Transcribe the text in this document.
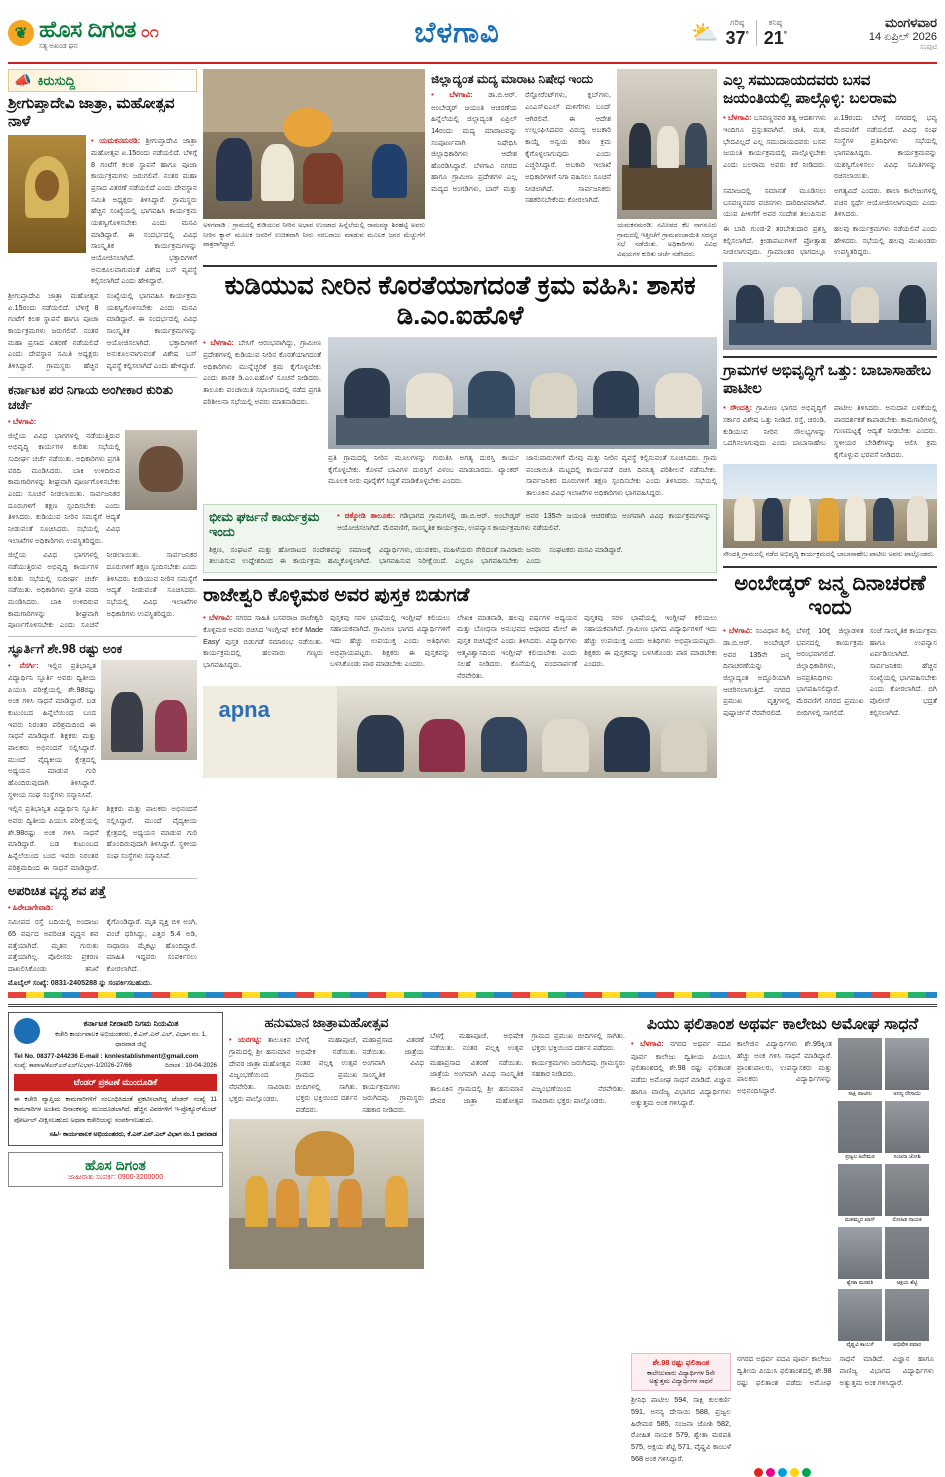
❦ ಹೊಸ ದಿಗಂತ
ಸತ್ಯ ಅಖಂಡ ಘನ
೦೧	ಬೆಳಗಾವಿ	⛅	ಗರಿಷ್ಠ
37°
ಕನಿಷ್ಠ
21°
ಮಂಗಳವಾರ
14 ಏಪ್ರಿಲ್ 2026
ಸಂಪುಟಿ
📣 ಕಿರುಸುದ್ದಿ
ಶ್ರೀಗುಪ್ತಾದೇವಿ ಜಾತ್ರಾ, ಮಹೋತ್ಸವ ನಾಳೆ
• ಯಮಕನಮರಡಿ: ಶ್ರೀಗುಪ್ತಾದೇವಿ ಜಾತ್ರಾ ಮಹೋತ್ಸವ ಏ.15ರಂದು ನಡೆಯಲಿದೆ. ಬೆಳಿಗ್ಗೆ 8 ಗಂಟೆಗೆ ಕಲಶ ಸ್ಥಾಪನೆ ಹಾಗೂ ಪೂಜಾ ಕಾರ್ಯಕ್ರಮಗಳು ಜರುಗಲಿವೆ. ನಂತರ ಮಹಾ ಪ್ರಸಾದ ವಿತರಣೆ ನಡೆಯಲಿದೆ ಎಂದು ದೇವಸ್ಥಾನ ಸಮಿತಿ ಅಧ್ಯಕ್ಷರು ತಿಳಿಸಿದ್ದಾರೆ. ಗ್ರಾಮಸ್ಥರು ಹೆಚ್ಚಿನ ಸಂಖ್ಯೆಯಲ್ಲಿ ಭಾಗವಹಿಸಿ ಕಾರ್ಯಕ್ರಮ ಯಶಸ್ವಿಗೊಳಿಸಬೇಕು ಎಂದು ಮನವಿ ಮಾಡಿದ್ದಾರೆ. ಈ ಸಂದರ್ಭದಲ್ಲಿ ವಿವಿಧ ಸಾಂಸ್ಕೃತಿಕ ಕಾರ್ಯಕ್ರಮಗಳನ್ನು ಆಯೋಜಿಸಲಾಗಿದೆ. ಭಕ್ತಾದಿಗಳಿಗೆ ಅನುಕೂಲವಾಗುವಂತೆ ವಿಶೇಷ ಬಸ್ ವ್ಯವಸ್ಥೆ ಕಲ್ಪಿಸಲಾಗಿದೆ ಎಂದು ಹೇಳಿದ್ದಾರೆ.
ಶ್ರೀಗುಪ್ತಾದೇವಿ ಜಾತ್ರಾ ಮಹೋತ್ಸವ ಏ.15ರಂದು ನಡೆಯಲಿದೆ. ಬೆಳಿಗ್ಗೆ 8 ಗಂಟೆಗೆ ಕಲಶ ಸ್ಥಾಪನೆ ಹಾಗೂ ಪೂಜಾ ಕಾರ್ಯಕ್ರಮಗಳು ಜರುಗಲಿವೆ. ನಂತರ ಮಹಾ ಪ್ರಸಾದ ವಿತರಣೆ ನಡೆಯಲಿದೆ ಎಂದು ದೇವಸ್ಥಾನ ಸಮಿತಿ ಅಧ್ಯಕ್ಷರು ತಿಳಿಸಿದ್ದಾರೆ. ಗ್ರಾಮಸ್ಥರು ಹೆಚ್ಚಿನ ಸಂಖ್ಯೆಯಲ್ಲಿ ಭಾಗವಹಿಸಿ ಕಾರ್ಯಕ್ರಮ ಯಶಸ್ವಿಗೊಳಿಸಬೇಕು ಎಂದು ಮನವಿ ಮಾಡಿದ್ದಾರೆ. ಈ ಸಂದರ್ಭದಲ್ಲಿ ವಿವಿಧ ಸಾಂಸ್ಕೃತಿಕ ಕಾರ್ಯಕ್ರಮಗಳನ್ನು ಆಯೋಜಿಸಲಾಗಿದೆ. ಭಕ್ತಾದಿಗಳಿಗೆ ಅನುಕೂಲವಾಗುವಂತೆ ವಿಶೇಷ ಬಸ್ ವ್ಯವಸ್ಥೆ ಕಲ್ಪಿಸಲಾಗಿದೆ ಎಂದು ಹೇಳಿದ್ದಾರೆ.
ಕರ್ನಾಟಕ ಪರ ನಿಗಾಯ ಅಂಗೀಕಾರ ಕುರಿತು ಚರ್ಚೆ
• ಬೆಳಗಾವಿ:
ಜಿಲ್ಲೆಯ ವಿವಿಧ ಭಾಗಗಳಲ್ಲಿ ನಡೆಯುತ್ತಿರುವ ಅಭಿವೃದ್ಧಿ ಕಾರ್ಯಗಳ ಕುರಿತು ಸಭೆಯಲ್ಲಿ ಸುದೀರ್ಘ ಚರ್ಚೆ ನಡೆಯಿತು. ಅಧಿಕಾರಿಗಳು ಪ್ರಗತಿ ವರದಿ ಮಂಡಿಸಿದರು. ಬಾಕಿ ಉಳಿದಿರುವ ಕಾಮಗಾರಿಗಳನ್ನು ಶೀಘ್ರವಾಗಿ ಪೂರ್ಣಗೊಳಿಸಬೇಕು ಎಂದು ಸೂಚನೆ ನೀಡಲಾಯಿತು. ಸಾರ್ವಜನಿಕರ ದೂರುಗಳಿಗೆ ತಕ್ಷಣ ಸ್ಪಂದಿಸಬೇಕು ಎಂದು ತಿಳಿಸಿದರು. ಕುಡಿಯುವ ನೀರಿನ ಸಮಸ್ಯೆಗೆ ಆದ್ಯತೆ ನೀಡುವಂತೆ ಸೂಚಿಸಿದರು. ಸಭೆಯಲ್ಲಿ ವಿವಿಧ ಇಲಾಖೆಗಳ ಅಧಿಕಾರಿಗಳು ಉಪಸ್ಥಿತರಿದ್ದರು.
ಜಿಲ್ಲೆಯ ವಿವಿಧ ಭಾಗಗಳಲ್ಲಿ ನಡೆಯುತ್ತಿರುವ ಅಭಿವೃದ್ಧಿ ಕಾರ್ಯಗಳ ಕುರಿತು ಸಭೆಯಲ್ಲಿ ಸುದೀರ್ಘ ಚರ್ಚೆ ನಡೆಯಿತು. ಅಧಿಕಾರಿಗಳು ಪ್ರಗತಿ ವರದಿ ಮಂಡಿಸಿದರು. ಬಾಕಿ ಉಳಿದಿರುವ ಕಾಮಗಾರಿಗಳನ್ನು ಶೀಘ್ರವಾಗಿ ಪೂರ್ಣಗೊಳಿಸಬೇಕು ಎಂದು ಸೂಚನೆ ನೀಡಲಾಯಿತು. ಸಾರ್ವಜನಿಕರ ದೂರುಗಳಿಗೆ ತಕ್ಷಣ ಸ್ಪಂದಿಸಬೇಕು ಎಂದು ತಿಳಿಸಿದರು. ಕುಡಿಯುವ ನೀರಿನ ಸಮಸ್ಯೆಗೆ ಆದ್ಯತೆ ನೀಡುವಂತೆ ಸೂಚಿಸಿದರು. ಸಭೆಯಲ್ಲಿ ವಿವಿಧ ಇಲಾಖೆಗಳ ಅಧಿಕಾರಿಗಳು ಉಪಸ್ಥಿತರಿದ್ದರು.
ಸ್ಫೂರ್ತಿಗೆ ಶೇ.98 ರಷ್ಟು ಅಂಕ
• ನೆಸರ್ಗಿ: ಇಲ್ಲಿನ ಪ್ರತಿಭಾನ್ವಿತ ವಿದ್ಯಾರ್ಥಿನಿ ಸ್ಫೂರ್ತಿ ಅವರು ದ್ವಿತೀಯ ಪಿಯುಸಿ ಪರೀಕ್ಷೆಯಲ್ಲಿ ಶೇ.98ರಷ್ಟು ಅಂಕ ಗಳಿಸಿ ಸಾಧನೆ ಮಾಡಿದ್ದಾರೆ. ಬಡ ಕುಟುಂಬದ ಹಿನ್ನೆಲೆಯಿಂದ ಬಂದ ಇವರು ನಿರಂತರ ಪರಿಶ್ರಮದಿಂದ ಈ ಸಾಧನೆ ಮಾಡಿದ್ದಾರೆ. ಶಿಕ್ಷಕರು ಮತ್ತು ಪಾಲಕರು ಅಭಿನಂದನೆ ಸಲ್ಲಿಸಿದ್ದಾರೆ. ಮುಂದೆ ವೈದ್ಯಕೀಯ ಕ್ಷೇತ್ರದಲ್ಲಿ ಅಧ್ಯಯನ ಮಾಡುವ ಗುರಿ ಹೊಂದಿರುವುದಾಗಿ ತಿಳಿಸಿದ್ದಾರೆ. ಸ್ಥಳೀಯ ಸಂಘ ಸಂಸ್ಥೆಗಳು ಸನ್ಮಾನಿಸಿವೆ.
ಇಲ್ಲಿನ ಪ್ರತಿಭಾನ್ವಿತ ವಿದ್ಯಾರ್ಥಿನಿ ಸ್ಫೂರ್ತಿ ಅವರು ದ್ವಿತೀಯ ಪಿಯುಸಿ ಪರೀಕ್ಷೆಯಲ್ಲಿ ಶೇ.98ರಷ್ಟು ಅಂಕ ಗಳಿಸಿ ಸಾಧನೆ ಮಾಡಿದ್ದಾರೆ. ಬಡ ಕುಟುಂಬದ ಹಿನ್ನೆಲೆಯಿಂದ ಬಂದ ಇವರು ನಿರಂತರ ಪರಿಶ್ರಮದಿಂದ ಈ ಸಾಧನೆ ಮಾಡಿದ್ದಾರೆ. ಶಿಕ್ಷಕರು ಮತ್ತು ಪಾಲಕರು ಅಭಿನಂದನೆ ಸಲ್ಲಿಸಿದ್ದಾರೆ. ಮುಂದೆ ವೈದ್ಯಕೀಯ ಕ್ಷೇತ್ರದಲ್ಲಿ ಅಧ್ಯಯನ ಮಾಡುವ ಗುರಿ ಹೊಂದಿರುವುದಾಗಿ ತಿಳಿಸಿದ್ದಾರೆ. ಸ್ಥಳೀಯ ಸಂಘ ಸಂಸ್ಥೆಗಳು ಸನ್ಮಾನಿಸಿವೆ.
ಅಪರಿಚಿತ ವೃದ್ಧ ಶವ ಪತ್ತೆ
• ಹಿರೇಬಾಗೇವಾಡಿ:
ಸಮೀಪದ ರಸ್ತೆ ಬದಿಯಲ್ಲಿ ಅಂದಾಜು 65 ವರ್ಷದ ಅಪರಿಚಿತ ವೃದ್ಧನ ಶವ ಪತ್ತೆಯಾಗಿದೆ. ಮೃತನ ಗುರುತು ಪತ್ತೆಯಾಗಿಲ್ಲ. ಪೊಲೀಸರು ಪ್ರಕರಣ ದಾಖಲಿಸಿಕೊಂಡು ತನಿಖೆ ಕೈಗೊಂಡಿದ್ದಾರೆ. ಮೃತ ವ್ಯಕ್ತಿ ಬಿಳಿ ಅಂಗಿ, ಪಂಚೆ ಧರಿಸಿದ್ದು, ಎತ್ತರ 5.4 ಅಡಿ, ಸಾಧಾರಣ ಮೈಕಟ್ಟು ಹೊಂದಿದ್ದಾರೆ. ಮಾಹಿತಿ ಇದ್ದವರು ಸಂಪರ್ಕಿಸಲು ಕೋರಲಾಗಿದೆ.
ಮೊಬೈಲ್ ಸಂಖ್ಯೆ: 0831-2405288 ನ್ನು ಸಂಪರ್ಕಿಸಬಹುದು.
ಅಳಗವಾಡಿ : ಗ್ರಾಮದಲ್ಲಿ ಕುಡಿಯುವ ನೀರಿನ ಅಭಾವ ಉಂಟಾದ ಹಿನ್ನೆಲೆಯಲ್ಲಿ ರಾಮಮ್ಮಾ ಶಿರಹಟ್ಟಿ ಅವರು ನೀರಿನ ಕ್ಯಾನ್ ಮೂಲಕ ಜನರಿಗೆ ಉಚಿತವಾಗಿ ನೀರು ಸರಬರಾಜು ಮಾಡುವ ಮೂಲಕ ಜನರ ಮೆಚ್ಚುಗೆಗೆ ಪಾತ್ರರಾಗಿದ್ದಾರೆ.
ಜಿಲ್ಲಾದ್ಯಂತ ಮದ್ಯ ಮಾರಾಟ ನಿಷೇಧ ಇಂದು
• ಬೆಳಗಾವಿ: ಡಾ.ಬಿ.ಆರ್. ಅಂಬೇಡ್ಕರ್ ಜಯಂತಿ ಆಚರಣೆಯ ಹಿನ್ನೆಲೆಯಲ್ಲಿ ಜಿಲ್ಲಾದ್ಯಂತ ಏಪ್ರಿಲ್ 14ರಂದು ಮದ್ಯ ಮಾರಾಟವನ್ನು ಸಂಪೂರ್ಣವಾಗಿ ನಿಷೇಧಿಸಿ ಜಿಲ್ಲಾಧಿಕಾರಿಗಳು ಆದೇಶ ಹೊರಡಿಸಿದ್ದಾರೆ. ಬೆಳಗಾವಿ ನಗರದ ಹಾಗೂ ಗ್ರಾಮೀಣ ಪ್ರದೇಶಗಳ ಎಲ್ಲ ಮದ್ಯದ ಅಂಗಡಿಗಳು, ಬಾರ್ ಮತ್ತು ರೆಸ್ಟೋರೆಂಟ್‌ಗಳು, ಕ್ಲಬ್‌ಗಳು, ಎಂಎಸ್‌ಐಎಲ್ ಮಳಿಗೆಗಳು ಬಂದ್ ಆಗಿರಲಿವೆ. ಈ ಆದೇಶ ಉಲ್ಲಂಘಿಸಿದವರ ವಿರುದ್ಧ ಅಬಕಾರಿ ಕಾಯ್ದೆ ಅನ್ವಯ ಕಠಿಣ ಕ್ರಮ ಕೈಗೊಳ್ಳಲಾಗುವುದು ಎಂದು ಎಚ್ಚರಿಸಿದ್ದಾರೆ. ಅಬಕಾರಿ ಇಲಾಖೆ ಅಧಿಕಾರಿಗಳಿಗೆ ನಿಗಾ ವಹಿಸಲು ಸೂಚನೆ ನೀಡಲಾಗಿದೆ. ಸಾರ್ವಜನಿಕರು ಸಹಕರಿಸಬೇಕೆಂದು ಕೋರಲಾಗಿದೆ.
ಯಮಕನಮರಡಿ: ಸಮೀಪದ ಕೆಲ ನಾಗನೂರು ಗ್ರಾಮದಲ್ಲಿ ಇತ್ತೀಚೆಗೆ ಗ್ರಾಮಪಂಚಾಯಿತಿ ಸದಸ್ಯರ ಸಭೆ ನಡೆಯಿತು. ಅಧಿಕಾರಿಗಳು ವಿವಿಧ ವಿಷಯಗಳ ಕುರಿತು ಚರ್ಚೆ ನಡೆಸಿದರು.
ಕುಡಿಯುವ ನೀರಿನ ಕೊರತೆಯಾಗದಂತೆ ಕ್ರಮ ವಹಿಸಿ: ಶಾಸಕ ಡಿ.ಎಂ.ಐಹೊಳೆ
• ಬೆಳಗಾವಿ: ಬೇಸಿಗೆ ಆರಂಭವಾಗಿದ್ದು, ಗ್ರಾಮೀಣ ಪ್ರದೇಶಗಳಲ್ಲಿ ಕುಡಿಯುವ ನೀರಿನ ಕೊರತೆಯಾಗದಂತೆ ಅಧಿಕಾರಿಗಳು ಮುನ್ನೆಚ್ಚರಿಕೆ ಕ್ರಮ ಕೈಗೊಳ್ಳಬೇಕು ಎಂದು ಶಾಸಕ ಡಿ.ಎಂ.ಐಹೊಳೆ ಸೂಚನೆ ನೀಡಿದರು. ತಾಲೂಕು ಪಂಚಾಯಿತಿ ಸಭಾಂಗಣದಲ್ಲಿ ನಡೆದ ಪ್ರಗತಿ ಪರಿಶೀಲನಾ ಸಭೆಯಲ್ಲಿ ಅವರು ಮಾತನಾಡಿದರು.
ಪ್ರತಿ ಗ್ರಾಮದಲ್ಲಿ ನೀರಿನ ಮೂಲಗಳನ್ನು ಗುರುತಿಸಿ ಅಗತ್ಯ ದುರಸ್ತಿ ಕಾರ್ಯ ಕೈಗೊಳ್ಳಬೇಕು. ಕೊಳವೆ ಬಾವಿಗಳ ದುರಸ್ತಿಗೆ ವಿಳಂಬ ಮಾಡಬಾರದು. ಟ್ಯಾಂಕರ್ ಮೂಲಕ ನೀರು ಪೂರೈಕೆಗೆ ಸಿದ್ಧತೆ ಮಾಡಿಕೊಳ್ಳಬೇಕು ಎಂದರು.
ಜಾನುವಾರುಗಳಿಗೆ ಮೇವು ಮತ್ತು ನೀರಿನ ವ್ಯವಸ್ಥೆ ಕಲ್ಪಿಸುವಂತೆ ಸೂಚಿಸಿದರು. ಗ್ರಾಮ ಪಂಚಾಯಿತಿ ಮಟ್ಟದಲ್ಲಿ ಕಾರ್ಯಪಡೆ ರಚಿಸಿ ದಿನನಿತ್ಯ ಪರಿಶೀಲನೆ ನಡೆಸಬೇಕು. ಸಾರ್ವಜನಿಕರ ದೂರುಗಳಿಗೆ ತಕ್ಷಣ ಸ್ಪಂದಿಸಬೇಕು ಎಂದು ತಿಳಿಸಿದರು. ಸಭೆಯಲ್ಲಿ ತಾಲೂಕಿನ ವಿವಿಧ ಇಲಾಖೆಗಳ ಅಧಿಕಾರಿಗಳು ಭಾಗವಹಿಸಿದ್ದರು.
ಭೀಮ ಘರ್ಜನೆ ಕಾರ್ಯಕ್ರಮ ಇಂದು
• ಚಿಕ್ಕೋಡಿ ತಾಲೂಕು: ಗಡಿಭಾಗದ ಗ್ರಾಮಗಳಲ್ಲಿ ಡಾ.ಬಿ.ಆರ್. ಅಂಬೇಡ್ಕರ್ ಅವರ 135ನೇ ಜಯಂತಿ ಆಚರಣೆಯ ಅಂಗವಾಗಿ ವಿವಿಧ ಕಾರ್ಯಕ್ರಮಗಳನ್ನು ಆಯೋಜಿಸಲಾಗಿದೆ. ಮೆರವಣಿಗೆ, ಸಾಂಸ್ಕೃತಿಕ ಕಾರ್ಯಕ್ರಮ, ಉಪನ್ಯಾಸ ಕಾರ್ಯಕ್ರಮಗಳು ನಡೆಯಲಿವೆ.
ಶಿಕ್ಷಣ, ಸಂಘಟನೆ ಮತ್ತು ಹೋರಾಟದ ಸಂದೇಶವನ್ನು ಸಮಾಜಕ್ಕೆ ತಲುಪಿಸುವ ಉದ್ದೇಶದಿಂದ ಈ ಕಾರ್ಯಕ್ರಮ ಹಮ್ಮಿಕೊಳ್ಳಲಾಗಿದೆ. ವಿದ್ಯಾರ್ಥಿಗಳು, ಯುವಕರು, ಮಹಿಳೆಯರು ಸೇರಿದಂತೆ ಸಾವಿರಾರು ಜನರು ಭಾಗವಹಿಸುವ ನಿರೀಕ್ಷೆಯಿದೆ. ಎಲ್ಲರೂ ಭಾಗವಹಿಸಬೇಕು ಎಂದು ಸಂಘಟಕರು ಮನವಿ ಮಾಡಿದ್ದಾರೆ.
ರಾಜೇಶ್ವರಿ ಕೊಳ್ಳಿಮಠ ಅವರ ಪುಸ್ತಕ ಬಿಡುಗಡೆ
• ಬೆಳಗಾವಿ: ನಗರದ ಸಾಹಿತಿ ಬಸವರಾಜ ರಾಜೇಶ್ವರಿ ಕೊಳ್ಳಿಮಠ ಅವರು ರಚಿಸಿದ 'ಇಂಗ್ಲೀಷ್ ಕಲಿಕೆ Made Easy' ಪುಸ್ತಕ ಬಿಡುಗಡೆ ಸಮಾರಂಭ ನಡೆಯಿತು. ಕಾರ್ಯಕ್ರಮದಲ್ಲಿ ಹಲವಾರು ಗಣ್ಯರು ಭಾಗವಹಿಸಿದ್ದರು.
ಪುಸ್ತಕವು ಸರಳ ಭಾಷೆಯಲ್ಲಿ ಇಂಗ್ಲೀಷ್ ಕಲಿಯಲು ಸಹಾಯಕವಾಗಿದೆ. ಗ್ರಾಮೀಣ ಭಾಗದ ವಿದ್ಯಾರ್ಥಿಗಳಿಗೆ ಇದು ಹೆಚ್ಚು ಉಪಯುಕ್ತ ಎಂದು ಅತಿಥಿಗಳು ಅಭಿಪ್ರಾಯಪಟ್ಟರು. ಶಿಕ್ಷಕರು ಈ ಪುಸ್ತಕವನ್ನು ಬಳಸಿಕೊಂಡು ಪಾಠ ಮಾಡಬೇಕು ಎಂದರು.
ಲೇಖಕಿ ಮಾತನಾಡಿ, ಹಲವು ವರ್ಷಗಳ ಅಧ್ಯಯನ ಮತ್ತು ಬೋಧನಾ ಅನುಭವದ ಆಧಾರದ ಮೇಲೆ ಈ ಪುಸ್ತಕ ರಚಿಸಿದ್ದೇನೆ ಎಂದು ತಿಳಿಸಿದರು. ವಿದ್ಯಾರ್ಥಿಗಳು ಆತ್ಮವಿಶ್ವಾಸದಿಂದ ಇಂಗ್ಲೀಷ್ ಕಲಿಯಬೇಕು ಎಂದು ಸಲಹೆ ನೀಡಿದರು. ಕೊನೆಯಲ್ಲಿ ವಂದನಾರ್ಪಣೆ ನೆರವೇರಿತು.
ಪುಸ್ತಕವು ಸರಳ ಭಾಷೆಯಲ್ಲಿ ಇಂಗ್ಲೀಷ್ ಕಲಿಯಲು ಸಹಾಯಕವಾಗಿದೆ. ಗ್ರಾಮೀಣ ಭಾಗದ ವಿದ್ಯಾರ್ಥಿಗಳಿಗೆ ಇದು ಹೆಚ್ಚು ಉಪಯುಕ್ತ ಎಂದು ಅತಿಥಿಗಳು ಅಭಿಪ್ರಾಯಪಟ್ಟರು. ಶಿಕ್ಷಕರು ಈ ಪುಸ್ತಕವನ್ನು ಬಳಸಿಕೊಂಡು ಪಾಠ ಮಾಡಬೇಕು ಎಂದರು.
apna
ಎಲ್ಲ ಸಮುದಾಯದವರು ಬಸವ ಜಯಂತಿಯಲ್ಲಿ ಪಾಲ್ಗೊಳ್ಳಿ: ಬಲರಾಮ
• ಬೆಳಗಾವಿ: ಬಸವಣ್ಣನವರ ತತ್ವ ಆದರ್ಶಗಳು ಇಂದಿಗೂ ಪ್ರಸ್ತುತವಾಗಿವೆ. ಜಾತಿ, ಮತ, ಭೇದವಿಲ್ಲದೆ ಎಲ್ಲ ಸಮುದಾಯದವರು ಬಸವ ಜಯಂತಿ ಕಾರ್ಯಕ್ರಮದಲ್ಲಿ ಪಾಲ್ಗೊಳ್ಳಬೇಕು ಎಂದು ಬಲರಾಮ ಅವರು ಕರೆ ನೀಡಿದರು. ಏ.19ರಂದು ಬೆಳಗ್ಗೆ ನಗರದಲ್ಲಿ ಭವ್ಯ ಮೆರವಣಿಗೆ ನಡೆಯಲಿದೆ. ವಿವಿಧ ಸಂಘ ಸಂಸ್ಥೆಗಳ ಪ್ರತಿನಿಧಿಗಳು ಸಭೆಯಲ್ಲಿ ಭಾಗವಹಿಸಿದ್ದರು. ಕಾರ್ಯಕ್ರಮವನ್ನು ಯಶಸ್ವಿಗೊಳಿಸಲು ವಿವಿಧ ಸಮಿತಿಗಳನ್ನು ರಚಿಸಲಾಯಿತು.
ಸಮಾಜದಲ್ಲಿ ಸಮಾನತೆ ಮೂಡಿಸಲು ಬಸವಣ್ಣನವರ ವಚನಗಳು ದಾರಿದೀಪವಾಗಿವೆ. ಯುವ ಪೀಳಿಗೆಗೆ ಅವರ ಸಂದೇಶ ತಲುಪಿಸುವ ಅಗತ್ಯವಿದೆ ಎಂದರು. ಶಾಲಾ ಕಾಲೇಜುಗಳಲ್ಲಿ ವಚನ ಸ್ಪರ್ಧೆ ಆಯೋಜಿಸಲಾಗುವುದು ಎಂದು ತಿಳಿಸಿದರು.
ಈ ಬಾರಿ ಗುಂಡ-2 ತರಬೇತುದಾರ ಪ್ರಶಸ್ತಿ ಕಲ್ಪಿಸಲಾಗಿದೆ. ಕ್ರೀಡಾಪಟುಗಳಿಗೆ ಪ್ರೋತ್ಸಾಹ ನೀಡಲಾಗುವುದು. ಗ್ರಾಮಾಂತರ ಭಾಗದಲ್ಲೂ ಹಲವು ಕಾರ್ಯಕ್ರಮಗಳು ನಡೆಯಲಿವೆ ಎಂದು ಹೇಳಿದರು. ಸಭೆಯಲ್ಲಿ ಹಲವು ಮುಖಂಡರು ಉಪಸ್ಥಿತರಿದ್ದರು.
ಗ್ರಾಮಗಳ ಅಭಿವೃದ್ಧಿಗೆ ಒತ್ತು: ಬಾಬಾಸಾಹೇಬ ಪಾಟೀಲ
• ಸೌಂದತ್ತಿ: ಗ್ರಾಮೀಣ ಭಾಗದ ಅಭಿವೃದ್ಧಿಗೆ ಸರ್ಕಾರ ವಿಶೇಷ ಒತ್ತು ನೀಡಿದೆ. ರಸ್ತೆ, ಚರಂಡಿ, ಕುಡಿಯುವ ನೀರಿನ ಸೌಲಭ್ಯಗಳನ್ನು ಒದಗಿಸಲಾಗುವುದು ಎಂದು ಬಾಬಾಸಾಹೇಬ ಪಾಟೀಲ ತಿಳಿಸಿದರು. ಅನುದಾನ ಬಳಕೆಯಲ್ಲಿ ಪಾರದರ್ಶಕತೆ ಕಾಪಾಡಬೇಕು. ಕಾಮಗಾರಿಗಳಲ್ಲಿ ಗುಣಮಟ್ಟಕ್ಕೆ ಆದ್ಯತೆ ನೀಡಬೇಕು ಎಂದರು. ಸ್ಥಳೀಯರ ಬೇಡಿಕೆಗಳನ್ನು ಆಲಿಸಿ ಕ್ರಮ ಕೈಗೊಳ್ಳುವ ಭರವಸೆ ನೀಡಿದರು.
ಸೌಂದತ್ತಿ ಗ್ರಾಮದಲ್ಲಿ ನಡೆದ ಅಭಿವೃದ್ಧಿ ಕಾರ್ಯಕ್ರಮದಲ್ಲಿ ಬಾಬಾಸಾಹೇಬ ಪಾಟೀಲ ಅವರು ಪಾಲ್ಗೊಂಡರು.
ಅಂಬೇಡ್ಕರ್ ಜನ್ಮ ದಿನಾಚರಣೆ ಇಂದು
• ಬೆಳಗಾವಿ: ಸಂವಿಧಾನ ಶಿಲ್ಪಿ ಡಾ.ಬಿ.ಆರ್. ಅಂಬೇಡ್ಕರ್ ಅವರ 135ನೇ ಜನ್ಮ ದಿನಾಚರಣೆಯನ್ನು ಜಿಲ್ಲಾದ್ಯಂತ ಅದ್ದೂರಿಯಾಗಿ ಆಚರಿಸಲಾಗುತ್ತಿದೆ. ನಗರದ ಪ್ರಮುಖ ವೃತ್ತಗಳಲ್ಲಿ ಪುಷ್ಪಾರ್ಚನೆ ನೆರವೇರಲಿದೆ.
ಬೆಳಗ್ಗೆ 10ಕ್ಕೆ ಜಿಲ್ಲಾಡಳಿತ ಭವನದಲ್ಲಿ ಕಾರ್ಯಕ್ರಮ ಆರಂಭವಾಗಲಿದೆ. ಜಿಲ್ಲಾಧಿಕಾರಿಗಳು, ಜನಪ್ರತಿನಿಧಿಗಳು ಭಾಗವಹಿಸಲಿದ್ದಾರೆ. ಮೆರವಣಿಗೆ ನಗರದ ಪ್ರಮುಖ ಬೀದಿಗಳಲ್ಲಿ ಸಾಗಲಿದೆ.
ಸಂಜೆ ಸಾಂಸ್ಕೃತಿಕ ಕಾರ್ಯಕ್ರಮ ಹಾಗೂ ಉಪನ್ಯಾಸ ಏರ್ಪಡಿಸಲಾಗಿದೆ. ಸಾರ್ವಜನಿಕರು ಹೆಚ್ಚಿನ ಸಂಖ್ಯೆಯಲ್ಲಿ ಭಾಗವಹಿಸಬೇಕು ಎಂದು ಕೋರಲಾಗಿದೆ. ಬಿಗಿ ಪೊಲೀಸ್ ಭದ್ರತೆ ಕಲ್ಪಿಸಲಾಗಿದೆ.
ಕರ್ನಾಟಕ ನೀರಾವರಿ ನಿಗಮ ನಿಯಮಿತ
ಕಚೇರಿ ಕಾರ್ಯಪಾಲಕ ಅಭಿಯಂತರರು, ಕೆ.ಎನ್.ಎನ್.ಎಲ್, ವಿಭಾಗ ನಂ. 1, ಧಾರವಾಡ ಜಿಲ್ಲೆ
Tel No. 08377-244236 E-mail : knnlestablishment@gmail.com
ಸಂಖ್ಯೆ: ಕಾಪಾಅ/ಕೆಎನ್ಎನ್ಎಲ್/ವಿಭಾಗ-1/2026-27/66	ದಿನಾಂಕ : 10-04-2026
ಟೆಂಡರ್ ಪ್ರಕಟಣೆ ಮುಂದೂಡಿಕೆ
ಈ ಕಚೇರಿ ವ್ಯಾಪ್ತಿಯ ಕಾಮಗಾರಿಗಳಿಗೆ ಸಂಬಂಧಿಸಿದಂತೆ ಪ್ರಕಟಿಸಲಾಗಿದ್ದ ಟೆಂಡರ್ ಸಂಖ್ಯೆ 11 ಕಾಮಗಾರಿಗಳ ಅಂತಿಮ ದಿನಾಂಕವನ್ನು ಮುಂದೂಡಲಾಗಿದೆ. ಹೆಚ್ಚಿನ ವಿವರಗಳಿಗೆ ಇ-ಪ್ರೊಕ್ಯೂರ್‌ಮೆಂಟ್ ಪೋರ್ಟಲ್ ವೀಕ್ಷಿಸಬಹುದು ಅಥವಾ ಕಚೇರಿಯನ್ನು ಸಂಪರ್ಕಿಸಬಹುದು.
ಸಹಿ/- ಕಾರ್ಯಪಾಲಕ ಅಭಿಯಂತರರು, ಕೆ.ಎನ್.ಎನ್.ಎಲ್ ವಿಭಾಗ ನಂ.1 ಧಾರವಾಡ
ಹೊಸ ದಿಗಂತ
ಜಾಹೀರಾತು ಸಂಪರ್ಕ: 0900-3200000
ಹನುಮಾನ ಜಾತ್ರಾಮಹೋತ್ಸವ
• ಯರಗಟ್ಟಿ: ತಾಲೂಕಿನ ಗ್ರಾಮದಲ್ಲಿ ಶ್ರೀ ಹನುಮಾನ ದೇವರ ಜಾತ್ರಾ ಮಹೋತ್ಸವ ವಿಜೃಂಭಣೆಯಿಂದ ನೆರವೇರಿತು. ಸಾವಿರಾರು ಭಕ್ತರು ಪಾಲ್ಗೊಂಡರು.
ಬೆಳಗ್ಗೆ ಮಹಾಪೂಜೆ, ಅಭಿಷೇಕ ನಡೆಯಿತು. ನಂತರ ಪಲ್ಲಕ್ಕಿ ಉತ್ಸವ ಗ್ರಾಮದ ಪ್ರಮುಖ ಬೀದಿಗಳಲ್ಲಿ ಸಾಗಿತು. ಭಕ್ತರು ಭಕ್ತಿಯಿಂದ ದರ್ಶನ ಪಡೆದರು.
ಮಹಾಪ್ರಸಾದ ವಿತರಣೆ ನಡೆಯಿತು. ಜಾತ್ರೆಯ ಅಂಗವಾಗಿ ವಿವಿಧ ಸಾಂಸ್ಕೃತಿಕ ಕಾರ್ಯಕ್ರಮಗಳು ಜರುಗಿದವು. ಗ್ರಾಮಸ್ಥರು ಸಹಕಾರ ನೀಡಿದರು.
ಬೆಳಗ್ಗೆ ಮಹಾಪೂಜೆ, ಅಭಿಷೇಕ ನಡೆಯಿತು. ನಂತರ ಪಲ್ಲಕ್ಕಿ ಉತ್ಸವ ಗ್ರಾಮದ ಪ್ರಮುಖ ಬೀದಿಗಳಲ್ಲಿ ಸಾಗಿತು. ಭಕ್ತರು ಭಕ್ತಿಯಿಂದ ದರ್ಶನ ಪಡೆದರು.
ಮಹಾಪ್ರಸಾದ ವಿತರಣೆ ನಡೆಯಿತು. ಜಾತ್ರೆಯ ಅಂಗವಾಗಿ ವಿವಿಧ ಸಾಂಸ್ಕೃತಿಕ ಕಾರ್ಯಕ್ರಮಗಳು ಜರುಗಿದವು. ಗ್ರಾಮಸ್ಥರು ಸಹಕಾರ ನೀಡಿದರು.
ತಾಲೂಕಿನ ಗ್ರಾಮದಲ್ಲಿ ಶ್ರೀ ಹನುಮಾನ ದೇವರ ಜಾತ್ರಾ ಮಹೋತ್ಸವ ವಿಜೃಂಭಣೆಯಿಂದ ನೆರವೇರಿತು. ಸಾವಿರಾರು ಭಕ್ತರು ಪಾಲ್ಗೊಂಡರು.
ಪಿಯು ಫಲಿತಾಂಶ ಅಥರ್ವ ಕಾಲೇಜು ಅಮೋಘ ಸಾಧನೆ
• ಬೆಳಗಾವಿ: ನಗರದ ಅಥರ್ವ ಪದವಿ ಪೂರ್ವ ಕಾಲೇಜು ದ್ವಿತೀಯ ಪಿಯುಸಿ ಫಲಿತಾಂಶದಲ್ಲಿ ಶೇ.98 ರಷ್ಟು ಫಲಿತಾಂಶ ಪಡೆದು ಅಮೋಘ ಸಾಧನೆ ಮಾಡಿದೆ. ವಿಜ್ಞಾನ ಹಾಗೂ ವಾಣಿಜ್ಯ ವಿಭಾಗದ ವಿದ್ಯಾರ್ಥಿಗಳು ಅತ್ಯುತ್ತಮ ಅಂಕ ಗಳಿಸಿದ್ದಾರೆ.
ಕಾಲೇಜಿನ ವಿದ್ಯಾರ್ಥಿಗಳು ಶೇ.95ಕ್ಕಿಂತ ಹೆಚ್ಚು ಅಂಕ ಗಳಿಸಿ ಸಾಧನೆ ಮಾಡಿದ್ದಾರೆ. ಪ್ರಾಂಶುಪಾಲರು, ಉಪನ್ಯಾಸಕರು ಮತ್ತು ಪಾಲಕರು ವಿದ್ಯಾರ್ಥಿಗಳನ್ನು ಅಭಿನಂದಿಸಿದ್ದಾರೆ.	ಸಾಕ್ಷಿ ಪಾಟೀಲ	ಅನನ್ಯ ದೇಸಾಯಿ
ಪ್ರಜ್ವಲ ಹಿರೇಮಠ	ಸಂಜನಾ ಜೋಶಿ
ಮಹಮ್ಮದ ಖಾನ್	ರೋಹಿತ ನಾಯಕ
ಶ್ವೇತಾ ಮಠಪತಿ	ಅಕ್ಷಯ ಶೆಟ್ಟಿ
ವೈಷ್ಣವಿ ಕಾಂಬಳೆ	ಅಭಿಷೇಕ ಪವಾರ
ಶೇ.98 ರಷ್ಟು ಫಲಿತಾಂಶ
ಕಾಲೇಜುವಾರು ವಿದ್ಯಾರ್ಥಿಗಳ 5ನೇ ಅತ್ಯುತ್ತಮ ವಿದ್ಯಾರ್ಥಿಗಳ ಸಾಧನೆ
ಶ್ರೀನಿಧಿ ಪಾಟೀಲ 594, ಸಾಕ್ಷಿ ಕುಲಕರ್ಣಿ 591, ಅನನ್ಯ ದೇಸಾಯಿ 588, ಪ್ರಜ್ವಲ ಹಿರೇಮಠ 585, ಸಂಜನಾ ಜೋಶಿ 582, ರೋಹಿತ ನಾಯಕ 579, ಶ್ವೇತಾ ಮಠಪತಿ 575, ಅಕ್ಷಯ ಶೆಟ್ಟಿ 571, ವೈಷ್ಣವಿ ಕಾಂಬಳೆ 568 ಅಂಕ ಗಳಿಸಿದ್ದಾರೆ.
ನಗರದ ಅಥರ್ವ ಪದವಿ ಪೂರ್ವ ಕಾಲೇಜು ದ್ವಿತೀಯ ಪಿಯುಸಿ ಫಲಿತಾಂಶದಲ್ಲಿ ಶೇ.98 ರಷ್ಟು ಫಲಿತಾಂಶ ಪಡೆದು ಅಮೋಘ ಸಾಧನೆ ಮಾಡಿದೆ. ವಿಜ್ಞಾನ ಹಾಗೂ ವಾಣಿಜ್ಯ ವಿಭಾಗದ ವಿದ್ಯಾರ್ಥಿಗಳು ಅತ್ಯುತ್ತಮ ಅಂಕ ಗಳಿಸಿದ್ದಾರೆ.
